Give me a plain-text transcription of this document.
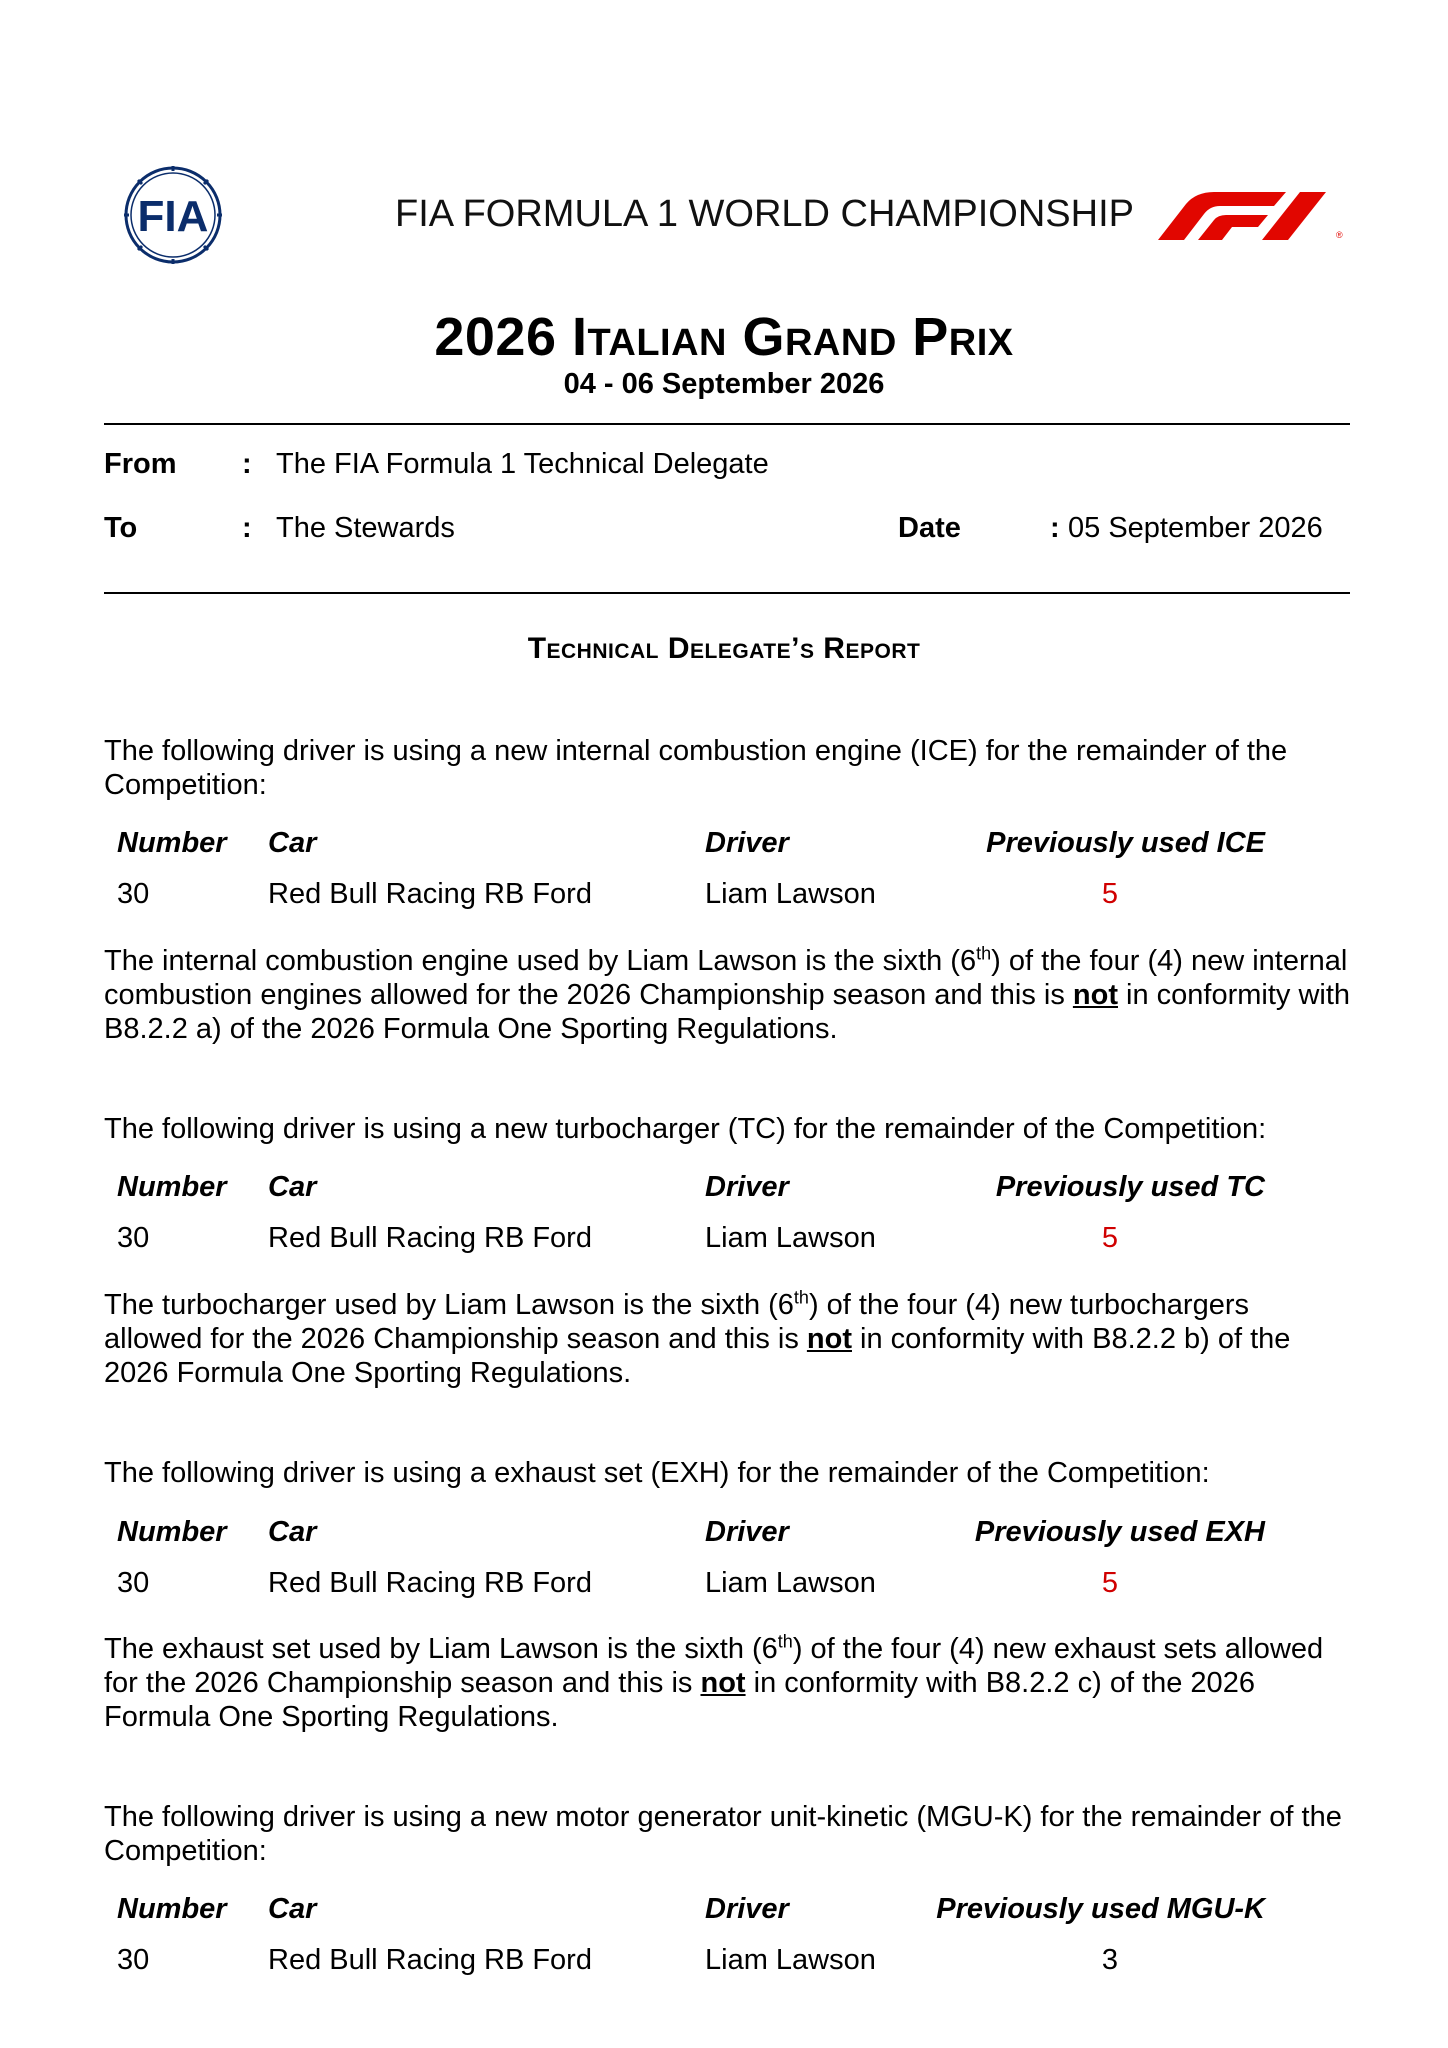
FIA	FIA FORMULA 1 WORLD CHAMPIONSHIP	®
2026 Italian Grand Prix
04 - 06 September 2026
From : The FIA Formula 1 Technical Delegate
To	: The Stewards	Date	: 05 September 2026
Technical Delegate’s Report
The following driver is using a new internal combustion engine (ICE) for the remainder of the Competition:
Number Car	Driver	Previously used ICE
30	Red Bull Racing RB Ford	Liam Lawson	5
The internal combustion engine used by Liam Lawson is the sixth (6th) of the four (4) new internal combustion engines allowed for the 2026 Championship season and this is not in conformity with B8.2.2 a) of the 2026 Formula One Sporting Regulations.
The following driver is using a new turbocharger (TC) for the remainder of the Competition:
Number Car	Driver	Previously used TC
30	Red Bull Racing RB Ford	Liam Lawson	5
The turbocharger used by Liam Lawson is the sixth (6th) of the four (4) new turbochargers allowed for the 2026 Championship season and this is not in conformity with B8.2.2 b) of the 2026 Formula One Sporting Regulations.
The following driver is using a exhaust set (EXH) for the remainder of the Competition:
Number Car	Driver	Previously used EXH
30	Red Bull Racing RB Ford	Liam Lawson	5
The exhaust set used by Liam Lawson is the sixth (6th) of the four (4) new exhaust sets allowed for the 2026 Championship season and this is not in conformity with B8.2.2 c) of the 2026 Formula One Sporting Regulations.
The following driver is using a new motor generator unit-kinetic (MGU-K) for the remainder of the Competition:
Number Car	Driver	Previously used MGU-K
30	Red Bull Racing RB Ford	Liam Lawson	3
